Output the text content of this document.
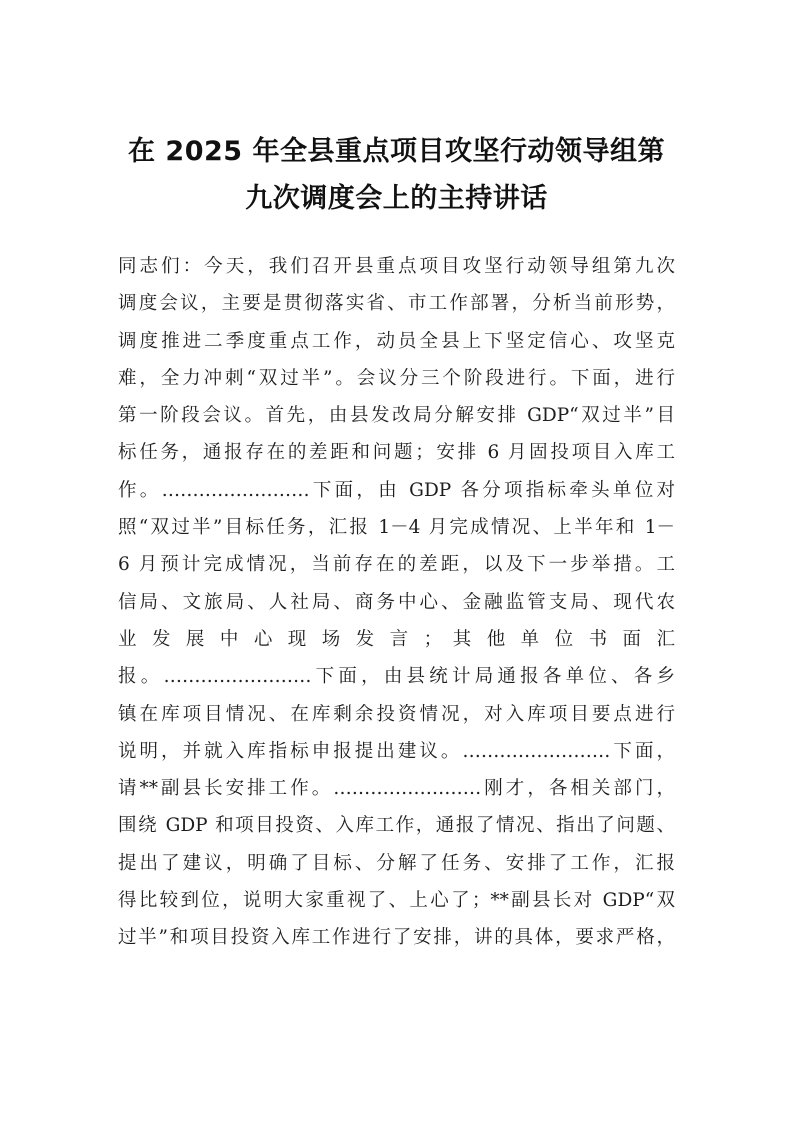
在 2025 年全县重点项目攻坚行动领导组第
九次调度会上的主持讲话
同志们：今天，我们召开县重点项目攻坚行动领导组第九次
调度会议，主要是贯彻落实省、市工作部署，分析当前形势，
调度推进二季度重点工作，动员全县上下坚定信心、攻坚克
难，全力冲刺“双过半”。会议分三个阶段进行。下面，进行
第一阶段会议。首先，由县发改局分解安排 GDP“双过半”目
标任务，通报存在的差距和问题；安排 6 月固投项目入库工
作。……………………下面，由 GDP 各分项指标牵头单位对
照“双过半”目标任务，汇报 1－4 月完成情况、上半年和 1－
6 月预计完成情况，当前存在的差距，以及下一步举措。工
信局、文旅局、人社局、商务中心、金融监管支局、现代农
业 发 展 中 心 现 场 发 言 ； 其 他 单 位 书 面 汇
报。……………………下面，由县统计局通报各单位、各乡
镇在库项目情况、在库剩余投资情况，对入库项目要点进行
说明，并就入库指标申报提出建议。……………………下面，
请**副县长安排工作。……………………刚才，各相关部门，
围绕 GDP 和项目投资、入库工作，通报了情况、指出了问题、
提出了建议，明确了目标、分解了任务、安排了工作，汇报
得比较到位，说明大家重视了、上心了；**副县长对 GDP“双
过半”和项目投资入库工作进行了安排，讲的具体，要求严格，
